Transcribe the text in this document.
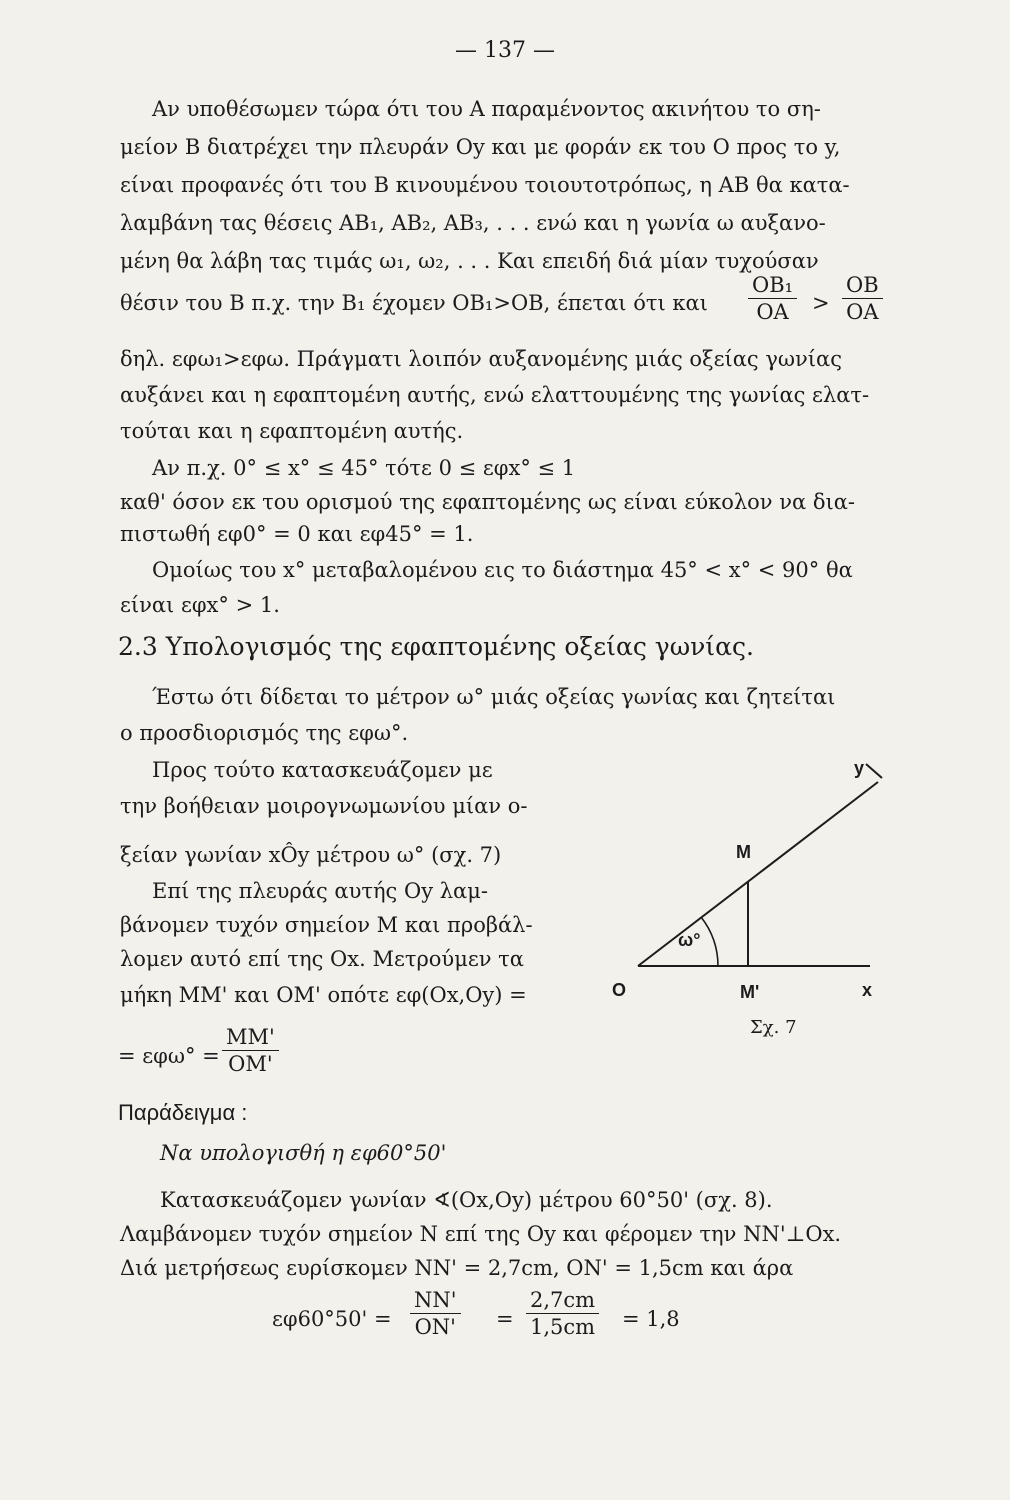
— 137 —
Αν υποθέσωμεν τώρα ότι του Α παραμένοντος ακινήτου το ση-
μείον Β διατρέχει την πλευράν Oy και με φοράν εκ του Ο προς το y,
είναι προφανές ότι του Β κινουμένου τοιουτοτρόπως, η ΑΒ θα κατα-
λαμβάνη τας θέσεις ΑΒ₁, ΑΒ₂, ΑΒ₃, . . . ενώ και η γωνία ω αυξανο-
μένη θα λάβη τας τιμάς ω₁, ω₂, . . . Και επειδή διά μίαν τυχούσαν
θέσιν του Β π.χ. την Β₁ έχομεν ΟΒ₁>ΟΒ, έπεται ότι και $\frac{\text{ΟΒ₁}}{OA} > \frac{OB}{OA}$
δηλ. εφω₁>εφω. Πράγματι λοιπόν αυξανομένης μιάς οξείας γωνίας
αυξάνει και η εφαπτομένη αυτής, ενώ ελαττουμένης της γωνίας ελατ-
τούται και η εφαπτομένη αυτής.
Αν π.χ. 0° ≤ x° ≤ 45° τότε 0 ≤ εφx° ≤ 1
καθ' όσον εκ του ορισμού της εφαπτομένης ως είναι εύκολον να δια-
πιστωθή εφ0° = 0 και εφ45° = 1.
Ομοίως του x° μεταβαλομένου εις το διάστημα 45° < x° < 90° θα
είναι εφx° > 1.
2.3 Υπολογισμός της εφαπτομένης οξείας γωνίας.
Έστω ότι δίδεται το μέτρον ω° μιάς οξείας γωνίας και ζητείται
ο προσδιορισμός της εφω°.
Προς τούτο κατασκευάζομεν με
την βοήθειαν μοιρογνωμωνίου μίαν ο-
ξείαν γωνίαν xÔy μέτρου ω° (σχ. 7)
Επί της πλευράς αυτής Oy λαμ-
βάνομεν τυχόν σημείον Μ και προβάλ-
λομεν αυτό επί της Ox. Μετρούμεν τα
μήκη ΜΜ' και ΟΜ' οπότε εφ(Ox,Oy) =
= $\varepsilon\varphi\omega^\circ = \frac{MM'}{OM'}$
y
M
ω°
O	M'	x
Σχ. 7
Παράδειγμα :
Να υπολογισθή η εφ60°50'
Κατασκευάζομεν γωνίαν ∢(Ox,Oy) μέτρου 60°50' (σχ. 8).
Λαμβάνομεν τυχόν σημείον Ν επί της Oy και φέρομεν την ΝΝ'⊥Ox.
Διά μετρήσεως ευρίσκομεν ΝΝ' = 2,7cm, ΟΝ' = 1,5cm και άρα
$\varepsilon\varphi 60^\circ 50' = \frac{NN'}{ON'} = \frac{2,7cm}{1,5cm} = 1,8$
